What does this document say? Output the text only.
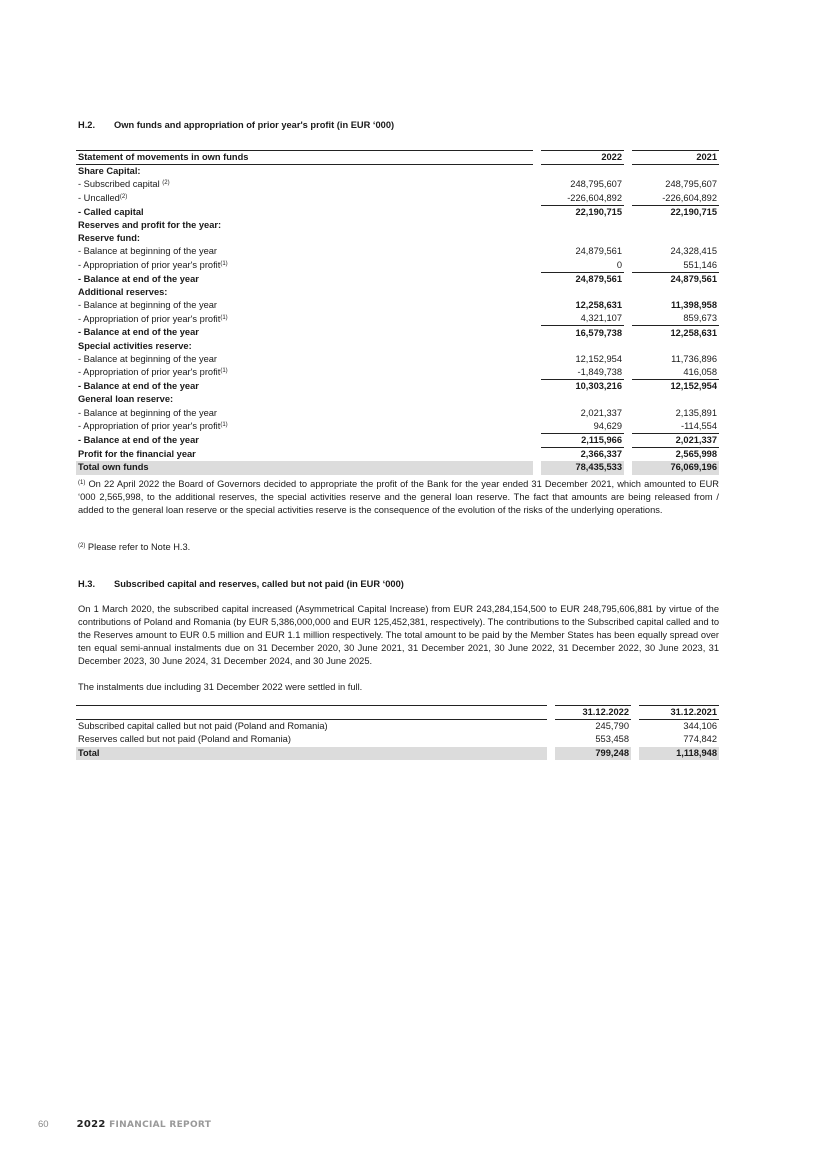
H.2. Own funds and appropriation of prior year's profit (in EUR ‘000)
Statement of movements in own funds	2022	2021
Share Capital:		
- Subscribed capital $^{(2)}$	248,795,607	248,795,607
- Uncalled$^{(2)}$	-226,604,892	-226,604,892
- Called capital	22,190,715	22,190,715
Reserves and profit for the year:		
Reserve fund:		
- Balance at beginning of the year	24,879,561	24,328,415
- Appropriation of prior year's profit$^{(1)}$	0	551,146
- Balance at end of the year	24,879,561	24,879,561
Additional reserves:		
- Balance at beginning of the year	12,258,631	11,398,958
- Appropriation of prior year's profit$^{(1)}$	4,321,107	859,673
- Balance at end of the year	16,579,738	12,258,631
Special activities reserve:		
- Balance at beginning of the year	12,152,954	11,736,896
- Appropriation of prior year's profit$^{(1)}$	-1,849,738	416,058
- Balance at end of the year	10,303,216	12,152,954
General loan reserve:		
- Balance at beginning of the year	2,021,337	2,135,891
- Appropriation of prior year's profit$^{(1)}$	94,629	-114,554
- Balance at end of the year	2,115,966	2,021,337
Profit for the financial year	2,366,337	2,565,998
Total own funds	78,435,533	76,069,196

$^{(1)}$ On 22 April 2022 the Board of Governors decided to appropriate the profit of the Bank for the year ended 31 December 2021, which amounted to EUR ‘000 2,565,998, to the additional reserves, the special activities reserve and the general loan reserve. The fact that amounts are being released from / added to the general loan reserve or the special activities reserve is the consequence of the evolution of the risks of the underlying operations.

$^{(2)}$ Please refer to Note H.3.

H.3. Subscribed capital and reserves, called but not paid (in EUR ‘000)

On 1 March 2020, the subscribed capital increased (Asymmetrical Capital Increase) from EUR 243,284,154,500 to EUR 248,795,606,881 by virtue of the contributions of Poland and Romania (by EUR 5,386,000,000 and EUR 125,452,381, respectively). The contributions to the Subscribed capital called and to the Reserves amount to EUR 0.5 million and EUR 1.1 million respectively. The total amount to be paid by the Member States has been equally spread over ten equal semi-annual instalments due on 31 December 2020, 30 June 2021, 31 December 2021, 30 June 2022, 31 December 2022, 30 June 2023, 31 December 2023, 30 June 2024, 31 December 2024, and 30 June 2025.

The instalments due including 31 December 2022 were settled in full.

	31.12.2022	31.12.2021
Subscribed capital called but not paid (Poland and Romania)	245,790	344,106
Reserves called but not paid (Poland and Romania)	553,458	774,842
Total	799,248	1,118,948
60	2022 FINANCIAL REPORT
